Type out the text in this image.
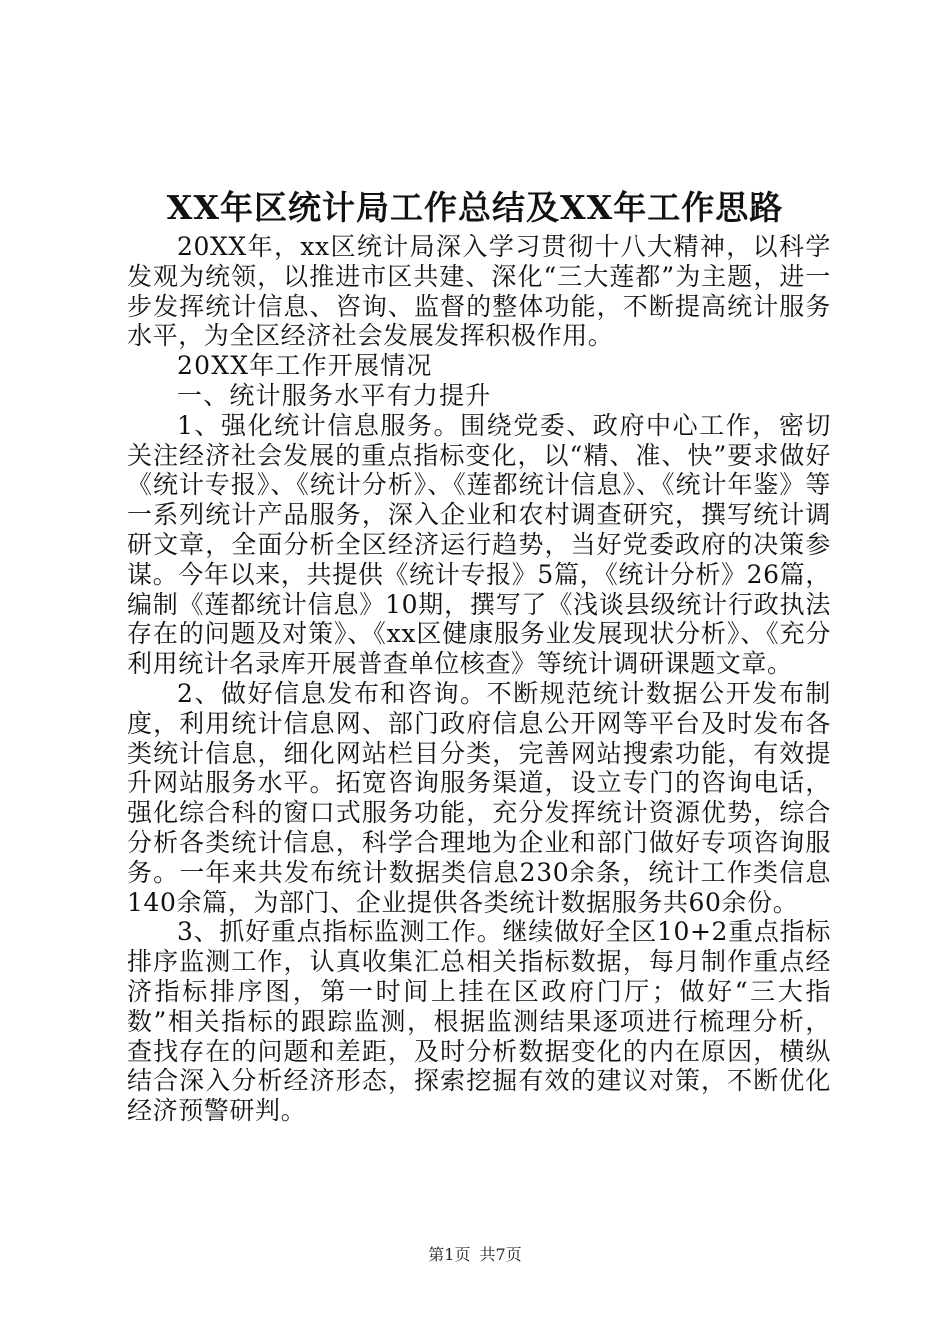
XX年区统计局工作总结及XX年工作思路

20XX年，xx区统计局深入学习贯彻十八大精神，以科学发观为统领，以推进市区共建、深化“三大莲都”为主题，进一步发挥统计信息、咨询、监督的整体功能，不断提高统计服务水平，为全区经济社会发展发挥积极作用。

20XX年工作开展情况

一、统计服务水平有力提升

1、强化统计信息服务。围绕党委、政府中心工作，密切关注经济社会发展的重点指标变化，以“精、准、快”要求做好《统计专报》、《统计分析》、《莲都统计信息》、《统计年鉴》等一系列统计产品服务，深入企业和农村调查研究，撰写统计调研文章，全面分析全区经济运行趋势，当好党委政府的决策参谋。今年以来，共提供《统计专报》5篇，《统计分析》26篇，编制《莲都统计信息》10期，撰写了《浅谈县级统计行政执法存在的问题及对策》、《xx区健康服务业发展现状分析》、《充分利用统计名录库开展普查单位核查》等统计调研课题文章。

2、做好信息发布和咨询。不断规范统计数据公开发布制度，利用统计信息网、部门政府信息公开网等平台及时发布各类统计信息，细化网站栏目分类，完善网站搜索功能，有效提升网站服务水平。拓宽咨询服务渠道，设立专门的咨询电话，强化综合科的窗口式服务功能，充分发挥统计资源优势，综合分析各类统计信息，科学合理地为企业和部门做好专项咨询服务。一年来共发布统计数据类信息230余条，统计工作类信息140余篇，为部门、企业提供各类统计数据服务共60余份。

3、抓好重点指标监测工作。继续做好全区10+2重点指标排序监测工作，认真收集汇总相关指标数据，每月制作重点经济指标排序图，第一时间上挂在区政府门厅；做好“三大指数”相关指标的跟踪监测，根据监测结果逐项进行梳理分析，查找存在的问题和差距，及时分析数据变化的内在原因，横纵结合深入分析经济形态，探索挖掘有效的建议对策，不断优化经济预警研判。

第1页 共7页
